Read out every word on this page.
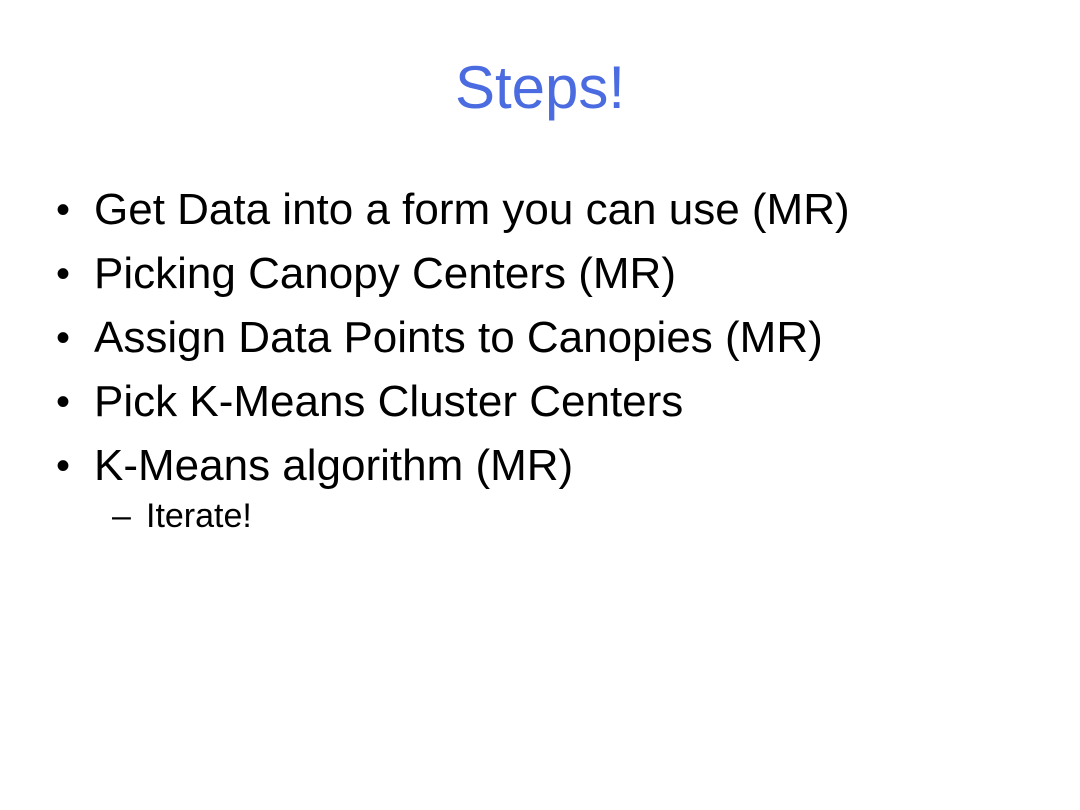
Steps!
• Get Data into a form you can use (MR)
• Picking Canopy Centers (MR)
• Assign Data Points to Canopies (MR)
• Pick K-Means Cluster Centers
• K-Means algorithm (MR)
– Iterate!
